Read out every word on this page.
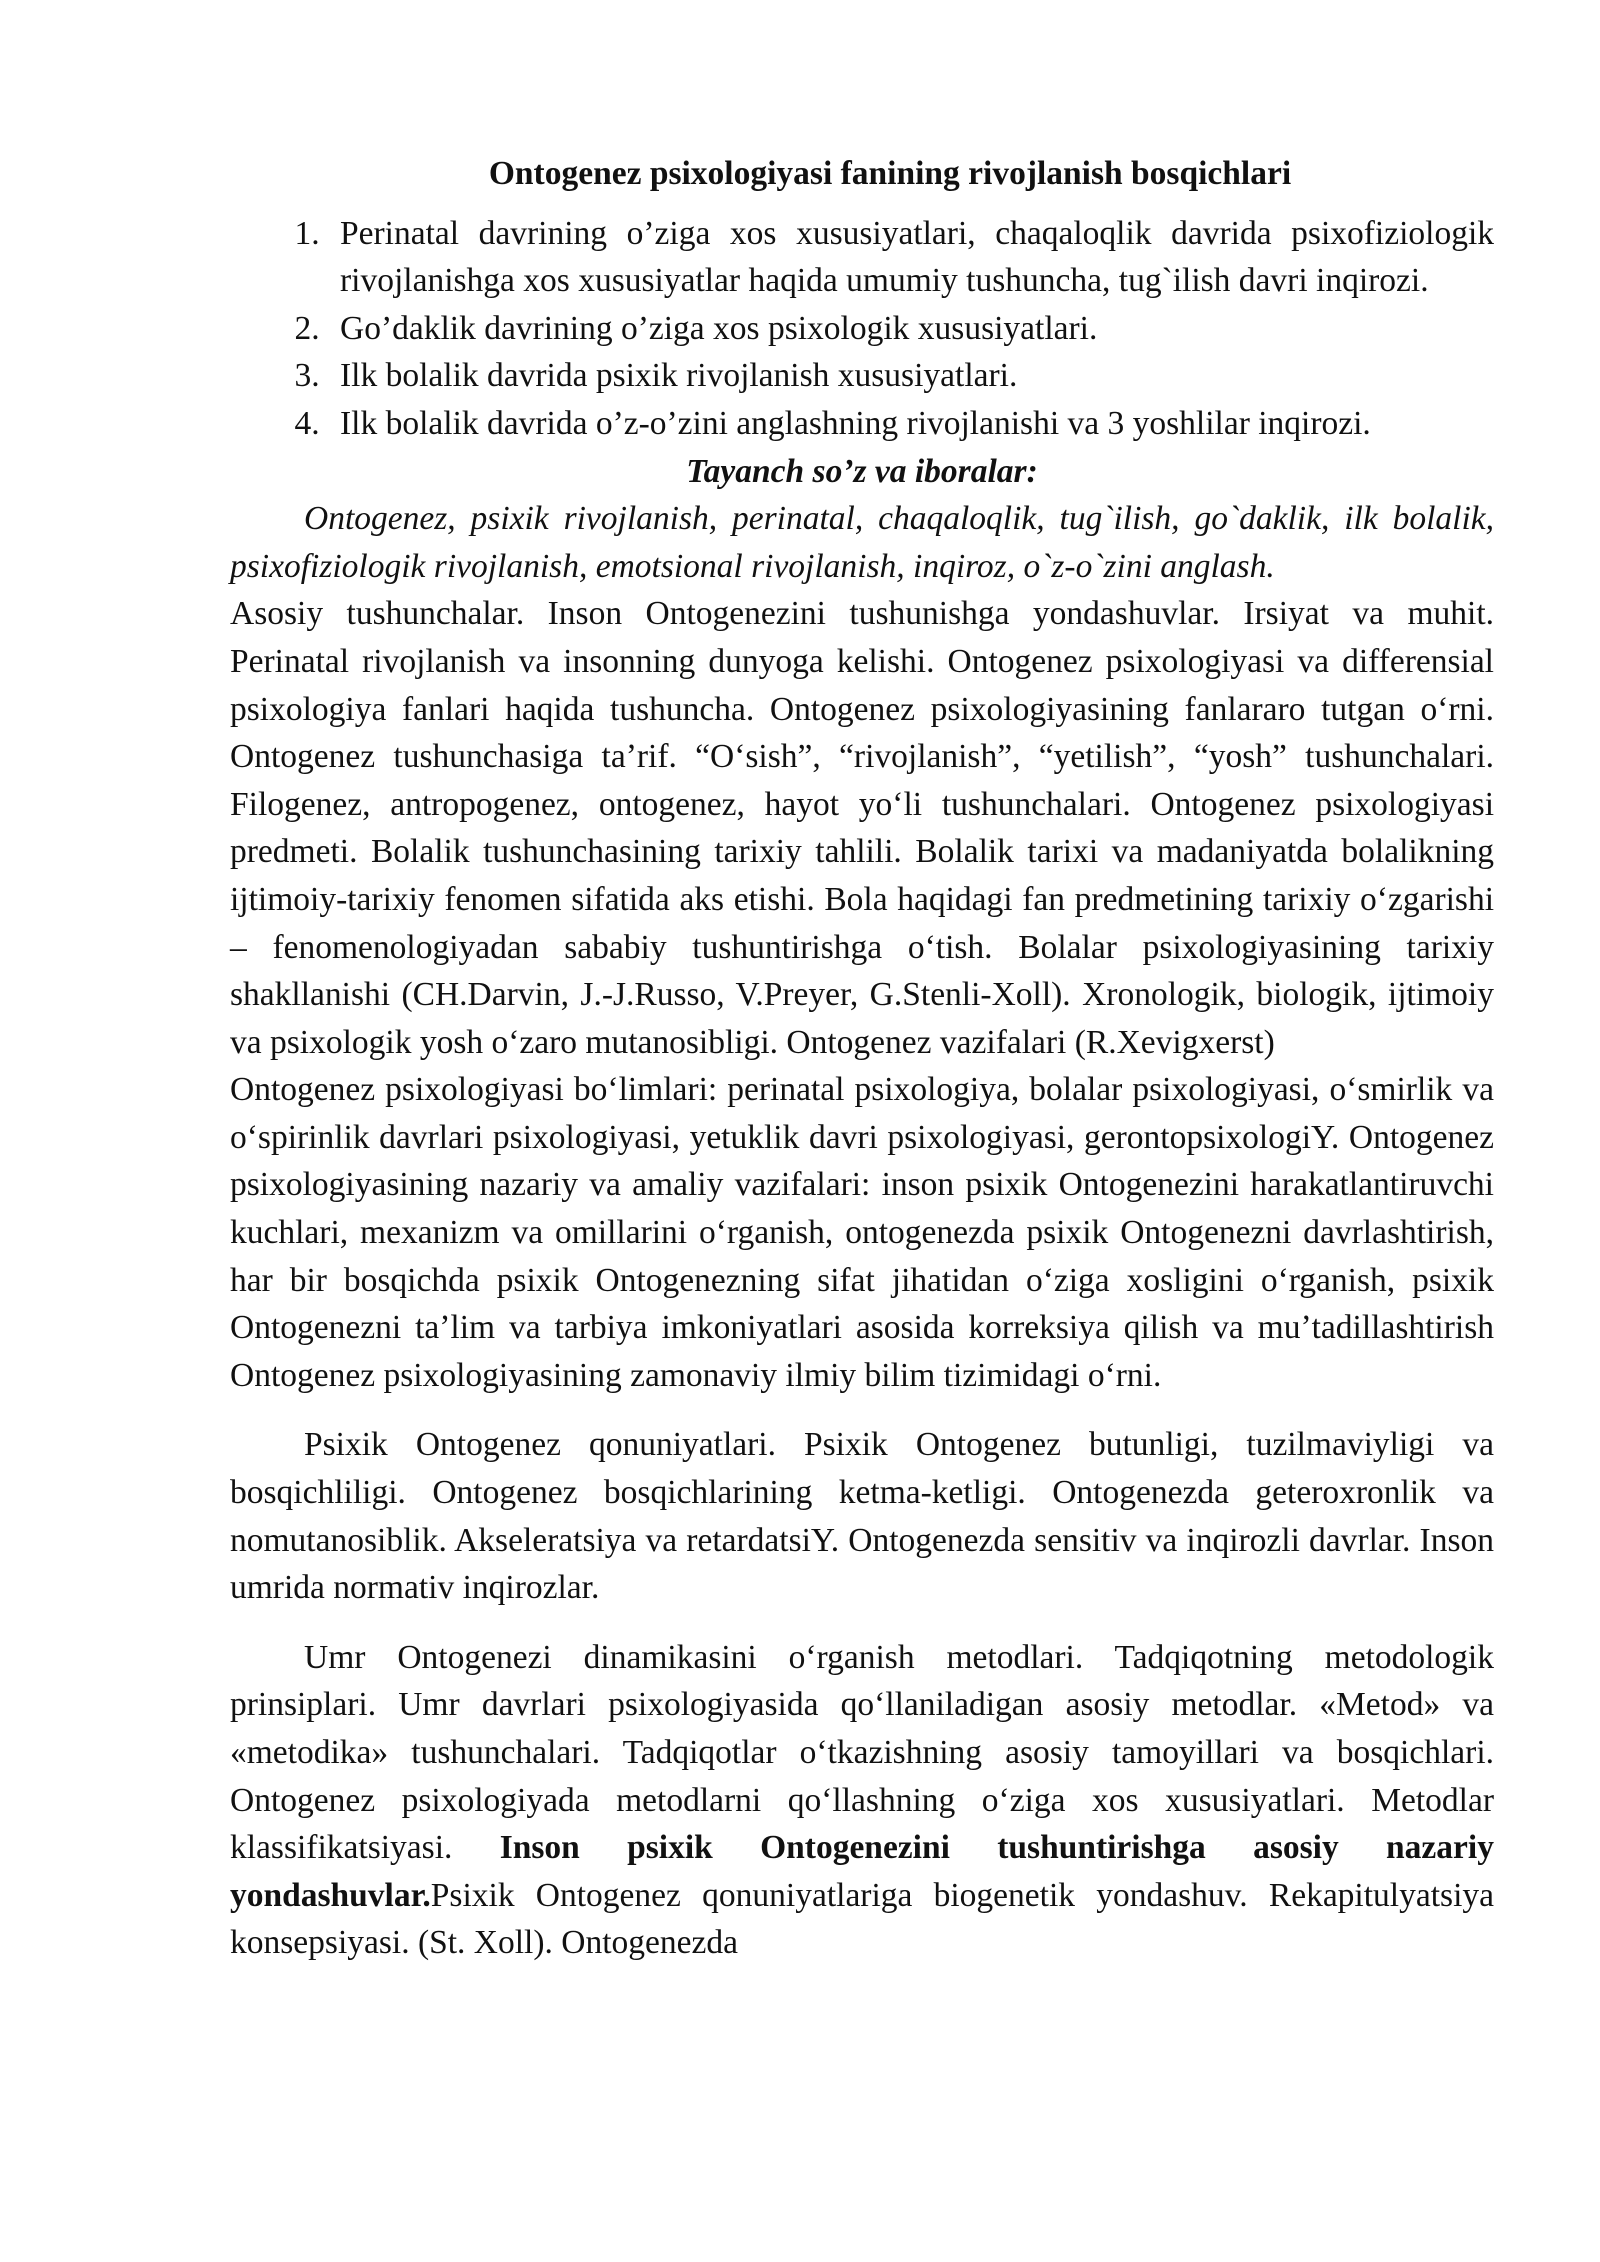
Ontogenez psixologiyasi fanining rivojlanish bosqichlari
1. Perinatal davrining o’ziga xos xususiyatlari, chaqaloqlik davrida psixofiziologik rivojlanishga xos xususiyatlar haqida umumiy tushuncha, tug`ilish davri inqirozi.
2. Go’daklik davrining o’ziga xos psixologik xususiyatlari.
3. Ilk bolalik davrida psixik rivojlanish xususiyatlari.
4. Ilk bolalik davrida o’z-o’zini anglashning rivojlanishi va 3 yoshlilar inqirozi.
Tayanch so’z va iboralar:

Ontogenez, psixik rivojlanish, perinatal, chaqaloqlik, tug`ilish, go`daklik, ilk bolalik, psixofiziologik rivojlanish, emotsional rivojlanish, inqiroz, o`z-o`zini anglash.

Asosiy tushunchalar. Inson Ontogenezini tushunishga yondashuvlar. Irsiyat va muhit. Perinatal rivojlanish va insonning dunyoga kelishi. Ontogenez psixologiyasi va differensial psixologiya fanlari haqida tushuncha. Ontogenez psixologiyasining fanlararo tutgan oʻrni. Ontogenez tushunchasiga taʼrif. “Oʻsish”, “rivojlanish”, “yetilish”, “yosh” tushunchalari. Filogenez, antropogenez, ontogenez, hayot yoʻli tushunchalari. Ontogenez psixologiyasi predmeti. Bolalik tushunchasining tarixiy tahlili. Bolalik tarixi va madaniyatda bolalikning ijtimoiy-tarixiy fenomen sifatida aks etishi. Bola haqidagi fan predmetining tarixiy oʻzgarishi – fenomenologiyadan sababiy tushuntirishga oʻtish. Bolalar psixologiyasining tarixiy shakllanishi (CH.Darvin, J.-J.Russo, V.Preyer, G.Stenli-Xoll). Xronologik, biologik, ijtimoiy va psixologik yosh oʻzaro mutanosibligi. Ontogenez vazifalari (R.Xevigxerst)

Ontogenez psixologiyasi boʻlimlari: perinatal psixologiya, bolalar psixologiyasi, oʻsmirlik va oʻspirinlik davrlari psixologiyasi, yetuklik davri psixologiyasi, gerontopsixologiY. Ontogenez psixologiyasining nazariy va amaliy vazifalari: inson psixik Ontogenezini harakatlantiruvchi kuchlari, mexanizm va omillarini oʻrganish, ontogenezda psixik Ontogenezni davrlashtirish, har bir bosqichda psixik Ontogenezning sifat jihatidan oʻziga xosligini oʻrganish, psixik Ontogenezni taʼlim va tarbiya imkoniyatlari asosida korreksiya qilish va muʼtadillashtirish Ontogenez psixologiyasining zamonaviy ilmiy bilim tizimidagi oʻrni.

Psixik Ontogenez qonuniyatlari. Psixik Ontogenez butunligi, tuzilmaviyligi va bosqichliligi. Ontogenez bosqichlarining ketma-ketligi. Ontogenezda geteroxronlik va nomutanosiblik. Akseleratsiya va retardatsiY. Ontogenezda sensitiv va inqirozli davrlar. Inson umrida normativ inqirozlar.

Umr Ontogenezi dinamikasini oʻrganish metodlari. Tadqiqotning metodologik prinsiplari. Umr davrlari psixologiyasida qoʻllaniladigan asosiy metodlar. «Metod» va «metodika» tushunchalari. Tadqiqotlar oʻtkazishning asosiy tamoyillari va bosqichlari. Ontogenez psixologiyada metodlarni qoʻllashning oʻziga xos xususiyatlari. Metodlar klassifikatsiyasi. Inson psixik Ontogenezini tushuntirishga asosiy nazariy yondashuvlar.Psixik Ontogenez qonuniyatlariga biogenetik yondashuv. Rekapitulyatsiya konsepsiyasi. (St. Xoll). Ontogenezda
